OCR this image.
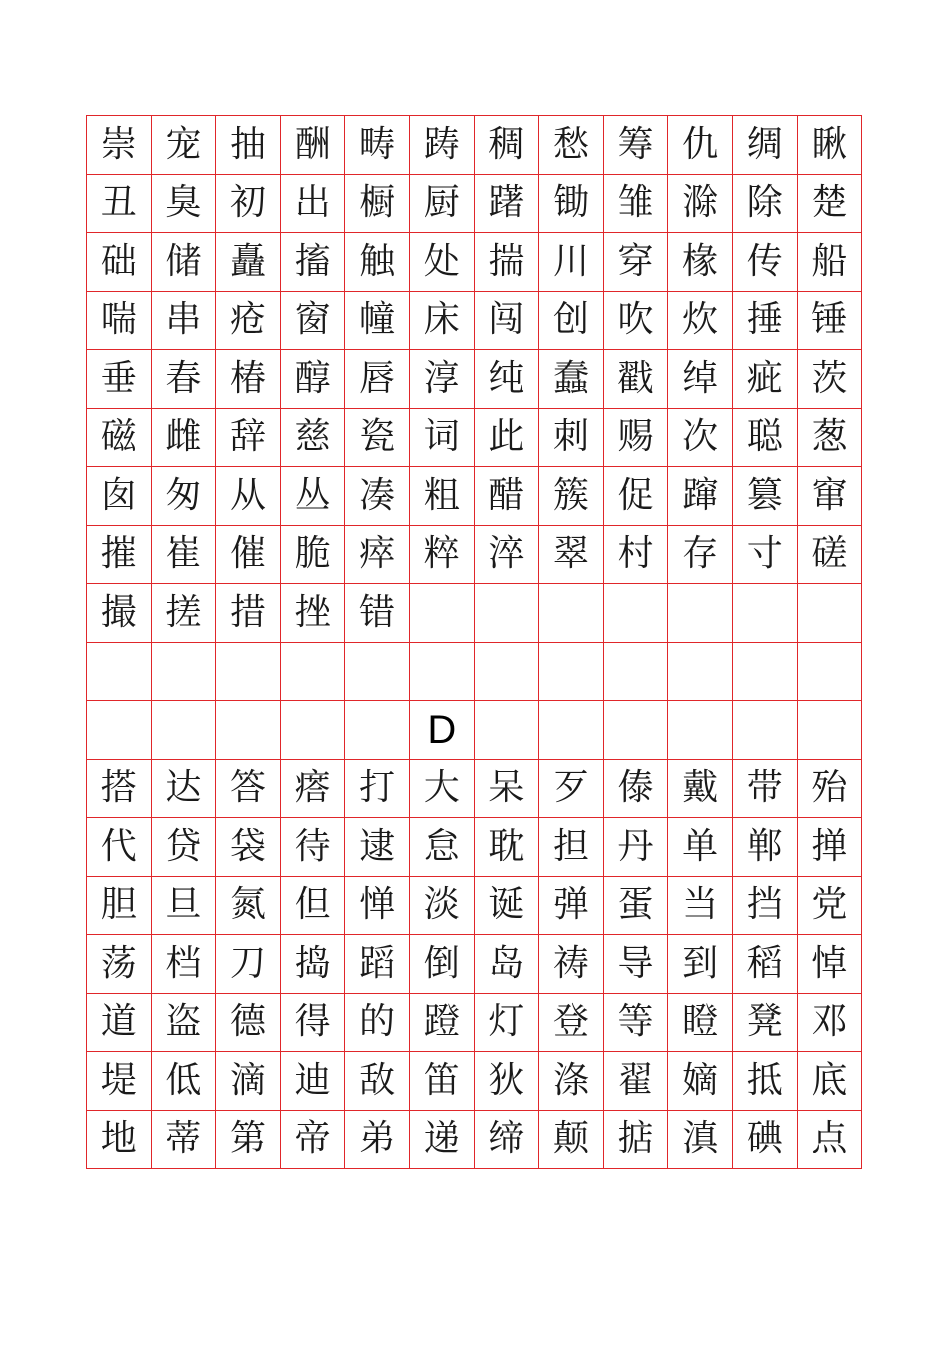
崇	宠	抽	酬	畴	踌	稠	愁	筹	仇	绸	瞅
丑	臭	初	出	橱	厨	躇	锄	雏	滁	除	楚
础	储	矗	搐	触	处	揣	川	穿	椽	传	船
喘	串	疮	窗	幢	床	闯	创	吹	炊	捶	锤
垂	春	椿	醇	唇	淳	纯	蠢	戳	绰	疵	茨
磁	雌	辞	慈	瓷	词	此	刺	赐	次	聪	葱
囱	匆	从	丛	凑	粗	醋	簇	促	蹿	篡	窜
摧	崔	催	脆	瘁	粹	淬	翠	村	存	寸	磋
撮	搓	措	挫	错							

					D						
搭	达	答	瘩	打	大	呆	歹	傣	戴	带	殆
代	贷	袋	待	逮	怠	耽	担	丹	单	郸	掸
胆	旦	氮	但	惮	淡	诞	弹	蛋	当	挡	党
荡	档	刀	捣	蹈	倒	岛	祷	导	到	稻	悼
道	盗	德	得	的	蹬	灯	登	等	瞪	凳	邓
堤	低	滴	迪	敌	笛	狄	涤	翟	嫡	抵	底
地	蒂	第	帝	弟	递	缔	颠	掂	滇	碘	点
